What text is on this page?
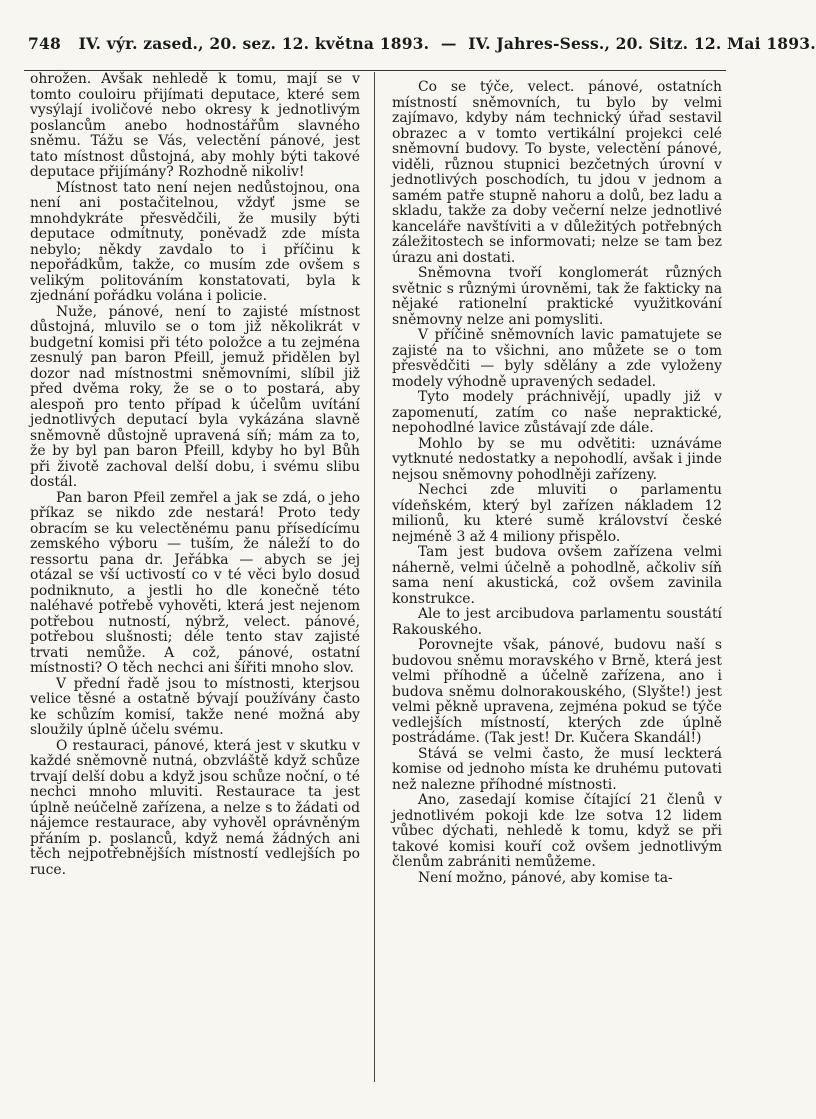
748 IV. výr. zased., 20. sez. 12. května 1893. — IV. Jahres-Sess., 20. Sitz. 12. Mai 1893.

ohrožen. Avšak nehledě k tomu, mají se v tomto couloiru přijímati deputace, které sem vysýlají ivoličové nebo okresy k jednotlivým poslancům anebo hodnostářům slavného sněmu. Tážu se Vás, velectění pánové, jest tato místnost důstojná, aby mohly býti takové deputace přijímány? Rozhodně nikoliv!

Místnost tato není nejen nedůstojnou, ona není ani postačitelnou, vždyť jsme se mnohdykráte přesvědčili, že musily býti deputace odmítnuty, poněvadž zde místa nebylo; někdy zavdalo to i příčinu k nepořádkům, takže, co musím zde ovšem s velikým politováním konstatovati, byla k zjednání pořádku volána i policie.

Nuže, pánové, není to zajisté místnost důstojná, mluvilo se o tom již několikrát v budgetní komisi při této položce a tu zejména zesnulý pan baron Pfeill, jemuž přidělen byl dozor nad místnostmi sněmovními, slíbil již před dvěma roky, že se o to postará, aby alespoň pro tento případ k účelům uvítání jednotlivých deputací byla vykázána slavně sněmovně důstojně upravená síň; mám za to, že by byl pan baron Pfeill, kdyby ho byl Bůh při životě zachoval delší dobu, i svému slibu dostál.

Pan baron Pfeil zemřel a jak se zdá, o jeho příkaz se nikdo zde nestará! Proto tedy obracím se ku velectěnému panu přísedícímu zemského výboru — tuším, že náleží to do ressortu pana dr. Jeřábka — abych se jej otázal se vší uctivostí co v té věci bylo dosud podniknuto, a jestli ho dle konečně této naléhavé potřebě vyhověti, která jest nejenom potřebou nutností, nýbrž, velect. pánové, potřebou slušnosti; déle tento stav zajisté trvati nemůže. A což, pánové, ostatní místnosti? O těch nechci ani šířiti mnoho slov.

V přední řadě jsou to místnosti, kterjsou velice těsné a ostatně bývají používány často ke schůzím komisí, takže nené možná aby sloužily úplně účelu svému.

O restauraci, pánové, která jest v skutku v každé sněmovně nutná, obzvláště když schůze trvají delší dobu a když jsou schůze noční, o té nechci mnoho mluviti. Restaurace ta jest úplně neúčelně zařízena, a nelze s to žádati od nájemce restaurace, aby vyhověl oprávněným přáním p. poslanců, když nemá žádných ani těch nejpotřebnějších místností vedlejších po ruce.

Co se týče, velect. pánové, ostatních místností sněmovních, tu bylo by velmi zajímavo, kdyby nám technický úřad sestavil obrazec a v tomto vertikální projekci celé sněmovní budovy. To byste, velectění pánové, viděli, různou stupnici bezčetných úrovní v jednotlivých poschodích, tu jdou v jednom a samém patře stupně nahoru a dolů, bez ladu a skladu, takže za doby večerní nelze jednotlivé kanceláře navštíviti a v důležitých potřebných záležitostech se informovati; nelze se tam bez úrazu ani dostati.

Sněmovna tvoří konglomerát různých světnic s různými úrovněmi, tak že fakticky na nějaké rationelní praktické využitkování sněmovny nelze ani pomysliti.

V příčině sněmovních lavic pamatujete se zajisté na to všichni, ano můžete se o tom přesvědčiti — byly sdělány a zde vyloženy modely výhodně upravených sedadel.

Tyto modely práchnivějí, upadly již v zapomenutí, zatím co naše nepraktické, nepohodlné lavice zůstávají zde dále.

Mohlo by se mu odvětiti: uznáváme vytknuté nedostatky a nepohodlí, avšak i jinde nejsou sněmovny pohodlněji zařízeny.

Nechci zde mluviti o parlamentu vídeňském, který byl zařízen nákladem 12 milionů, ku které sumě království české nejméně 3 až 4 miliony přispělo.

Tam jest budova ovšem zařízena velmi náherně, velmi účelně a pohodlně, ačkoliv síň sama není akustická, což ovšem zavinila konstrukce.

Ale to jest arcibudova parlamentu soustátí Rakouského.

Porovnejte však, pánové, budovu naší s budovou sněmu moravského v Brně, která jest velmi příhodně a účelně zařízena, ano i budova sněmu dolnorakouského, (Slyšte!) jest velmi pěkně upravena, zejména pokud se týče vedlejších místností, kterých zde úplně postrádáme. (Tak jest! Dr. Kučera Skandál!)

Stává se velmi často, že musí leckterá komise od jednoho místa ke druhému putovati než nalezne příhodné místnosti.

Ano, zasedají komise čítající 21 členů v jednotlivém pokoji kde lze sotva 12 lidem vůbec dýchati, nehledě k tomu, když se při takové komisi kouří což ovšem jednotlivým členům zabrániti nemůžeme.

Není možno, pánové, aby komise ta-
